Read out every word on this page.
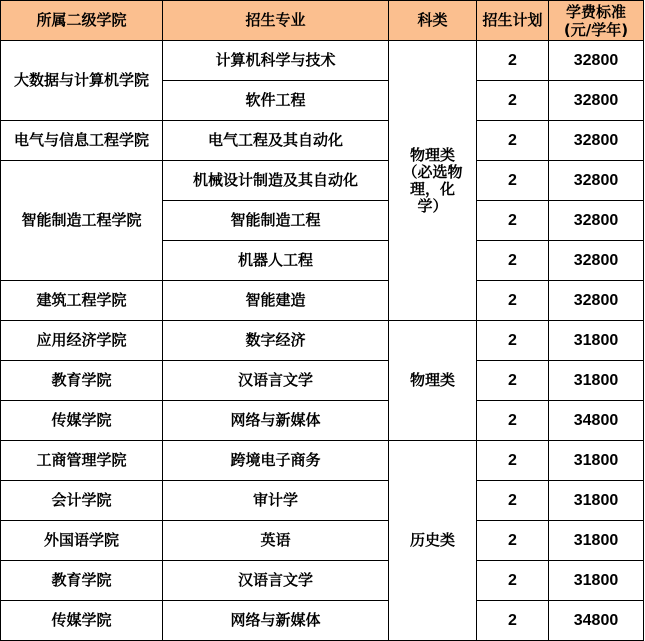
所属二级学院	招生专业	科类	招生计划	学费标准
(元/学年)

大数据与计算机学院	计算机科学与技术	物理类（必选物理，化学）	2	32800
	软件工程		2	32800
电气与信息工程学院	电气工程及其自动化		2	32800
智能制造工程学院	机械设计制造及其自动化		2	32800
	智能制造工程		2	32800
	机器人工程		2	32800
建筑工程学院	智能建造		2	32800
应用经济学院	数字经济	物理类	2	31800
教育学院	汉语言文学		2	31800
传媒学院	网络与新媒体		2	34800
工商管理学院	跨境电子商务	历史类	2	31800
会计学院	审计学		2	31800
外国语学院	英语		2	31800
教育学院	汉语言文学		2	31800
传媒学院	网络与新媒体		2	34800
